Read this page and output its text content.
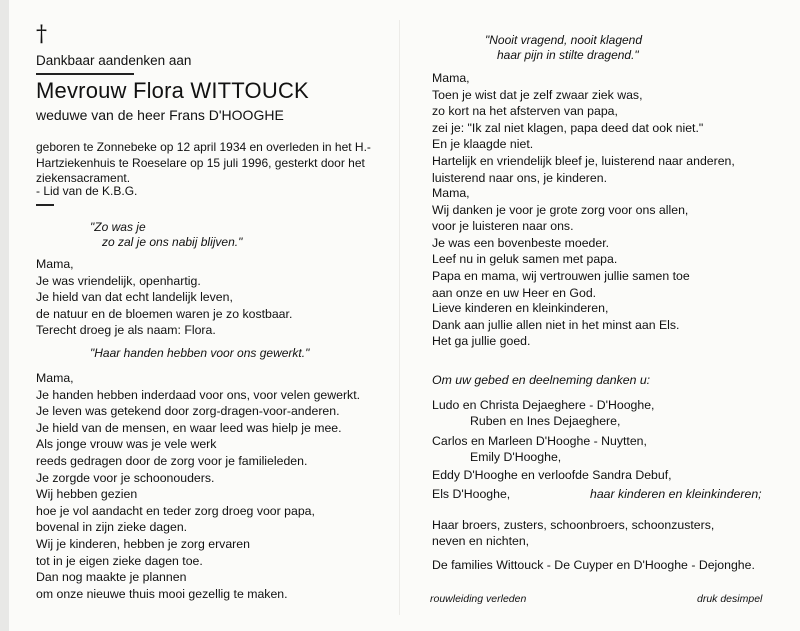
†
Dankbaar aandenken aan
Mevrouw Flora WITTOUCK
weduwe van de heer Frans D'HOOGHE
geboren te Zonnebeke op 12 april 1934 en overleden in het H.-Hartziekenhuis te Roeselare op 15 juli 1996, gesterkt door het ziekensacrament.
- Lid van de K.B.G.
"Zo was je
zo zal je ons nabij blijven."
Mama,
Je was vriendelijk, openhartig.
Je hield van dat echt landelijk leven,
de natuur en de bloemen waren je zo kostbaar.
Terecht droeg je als naam: Flora.
"Haar handen hebben voor ons gewerkt."
Mama,
Je handen hebben inderdaad voor ons, voor velen gewerkt.
Je leven was getekend door zorg-dragen-voor-anderen.
Je hield van de mensen, en waar leed was hielp je mee.
Als jonge vrouw was je vele werk
reeds gedragen door de zorg voor je familieleden.
Je zorgde voor je schoonouders.
Wij hebben gezien
hoe je vol aandacht en teder zorg droeg voor papa,
bovenal in zijn zieke dagen.
Wij je kinderen, hebben je zorg ervaren
tot in je eigen zieke dagen toe.
Dan nog maakte je plannen
om onze nieuwe thuis mooi gezellig te maken.
"Nooit vragend, nooit klagend
haar pijn in stilte dragend."
Mama,
Toen je wist dat je zelf zwaar ziek was,
zo kort na het afsterven van papa,
zei je: "Ik zal niet klagen, papa deed dat ook niet."
En je klaagde niet.
Hartelijk en vriendelijk bleef je, luisterend naar anderen,
luisterend naar ons, je kinderen.
Mama,
Wij danken je voor je grote zorg voor ons allen,
voor je luisteren naar ons.
Je was een bovenbeste moeder.
Leef nu in geluk samen met papa.
Papa en mama, wij vertrouwen jullie samen toe
aan onze en uw Heer en God.
Lieve kinderen en kleinkinderen,
Dank aan jullie allen niet in het minst aan Els.
Het ga jullie goed.
Om uw gebed en deelneming danken u:
Ludo en Christa Dejaeghere - D'Hooghe,
Ruben en Ines Dejaeghere,
Carlos en Marleen D'Hooghe - Nuytten,
Emily D'Hooghe,
Eddy D'Hooghe en verloofde Sandra Debuf,
Els D'Hooghe,	haar kinderen en kleinkinderen;
Haar broers, zusters, schoonbroers, schoonzusters,
neven en nichten,
De families Wittouck - De Cuyper en D'Hooghe - Dejonghe.
rouwleiding verleden	druk desimpel
